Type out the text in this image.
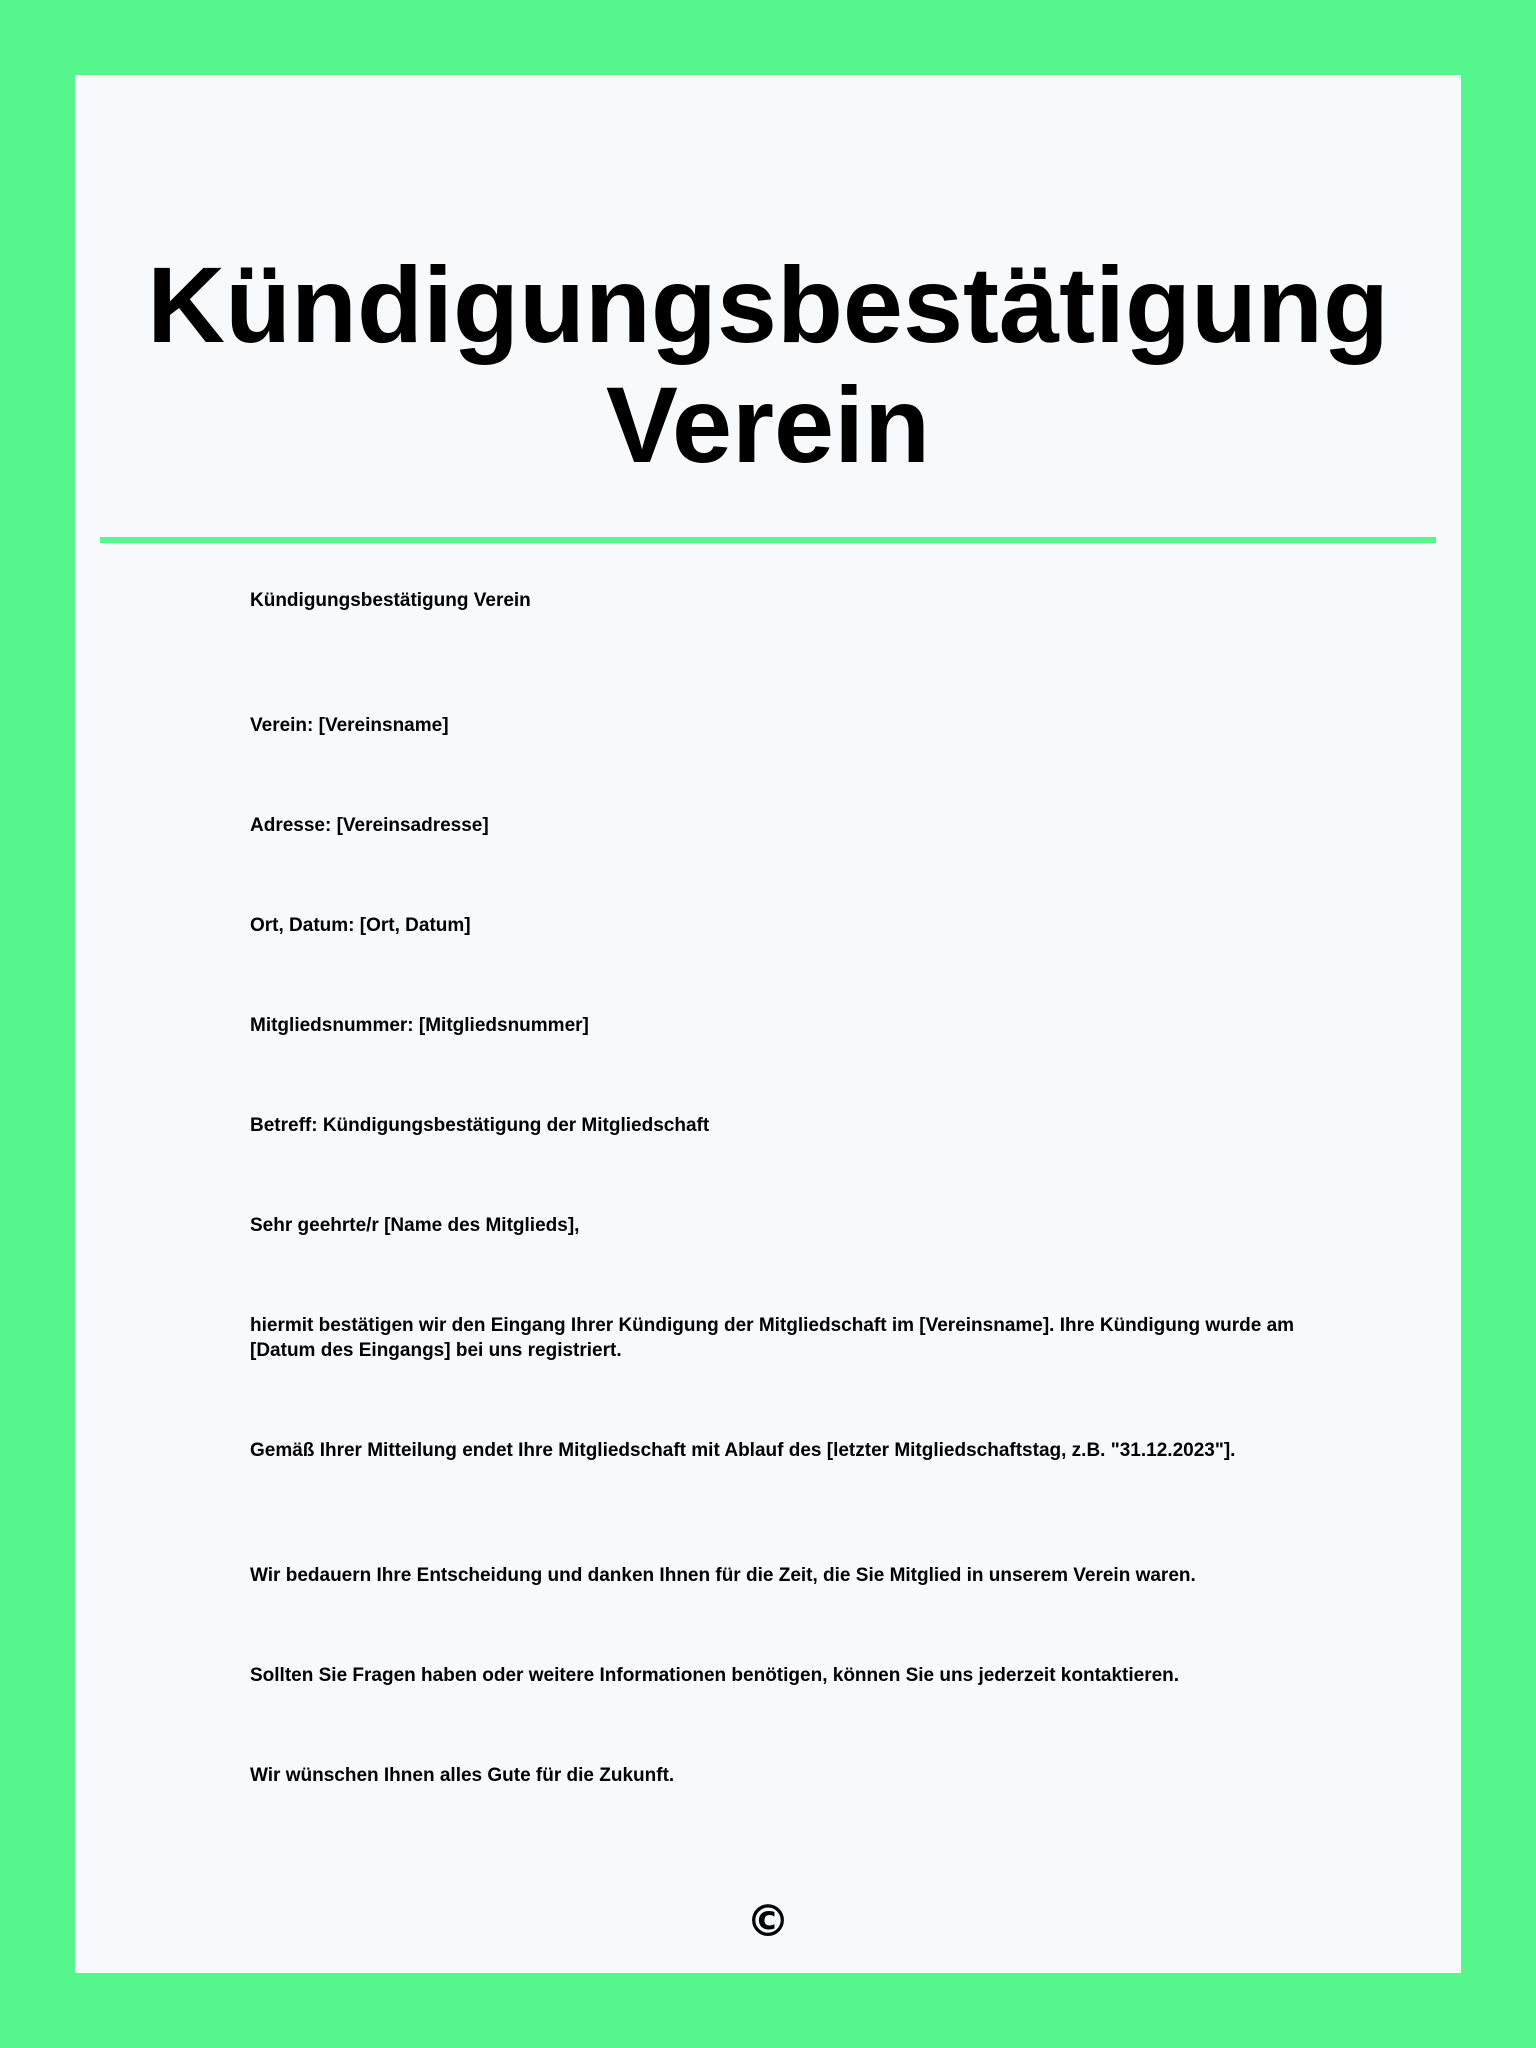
Kündigungsbestätigung Verein

Kündigungsbestätigung Verein

Verein: [Vereinsname]

Adresse: [Vereinsadresse]

Ort, Datum: [Ort, Datum]

Mitgliedsnummer: [Mitgliedsnummer]

Betreff: Kündigungsbestätigung der Mitgliedschaft

Sehr geehrte/r [Name des Mitglieds],

hiermit bestätigen wir den Eingang Ihrer Kündigung der Mitgliedschaft im [Vereinsname]. Ihre Kündigung wurde am [Datum des Eingangs] bei uns registriert.

Gemäß Ihrer Mitteilung endet Ihre Mitgliedschaft mit Ablauf des [letzter Mitgliedschaftstag, z.B. "31.12.2023"].

Wir bedauern Ihre Entscheidung und danken Ihnen für die Zeit, die Sie Mitglied in unserem Verein waren.

Sollten Sie Fragen haben oder weitere Informationen benötigen, können Sie uns jederzeit kontaktieren.

Wir wünschen Ihnen alles Gute für die Zukunft.

©
